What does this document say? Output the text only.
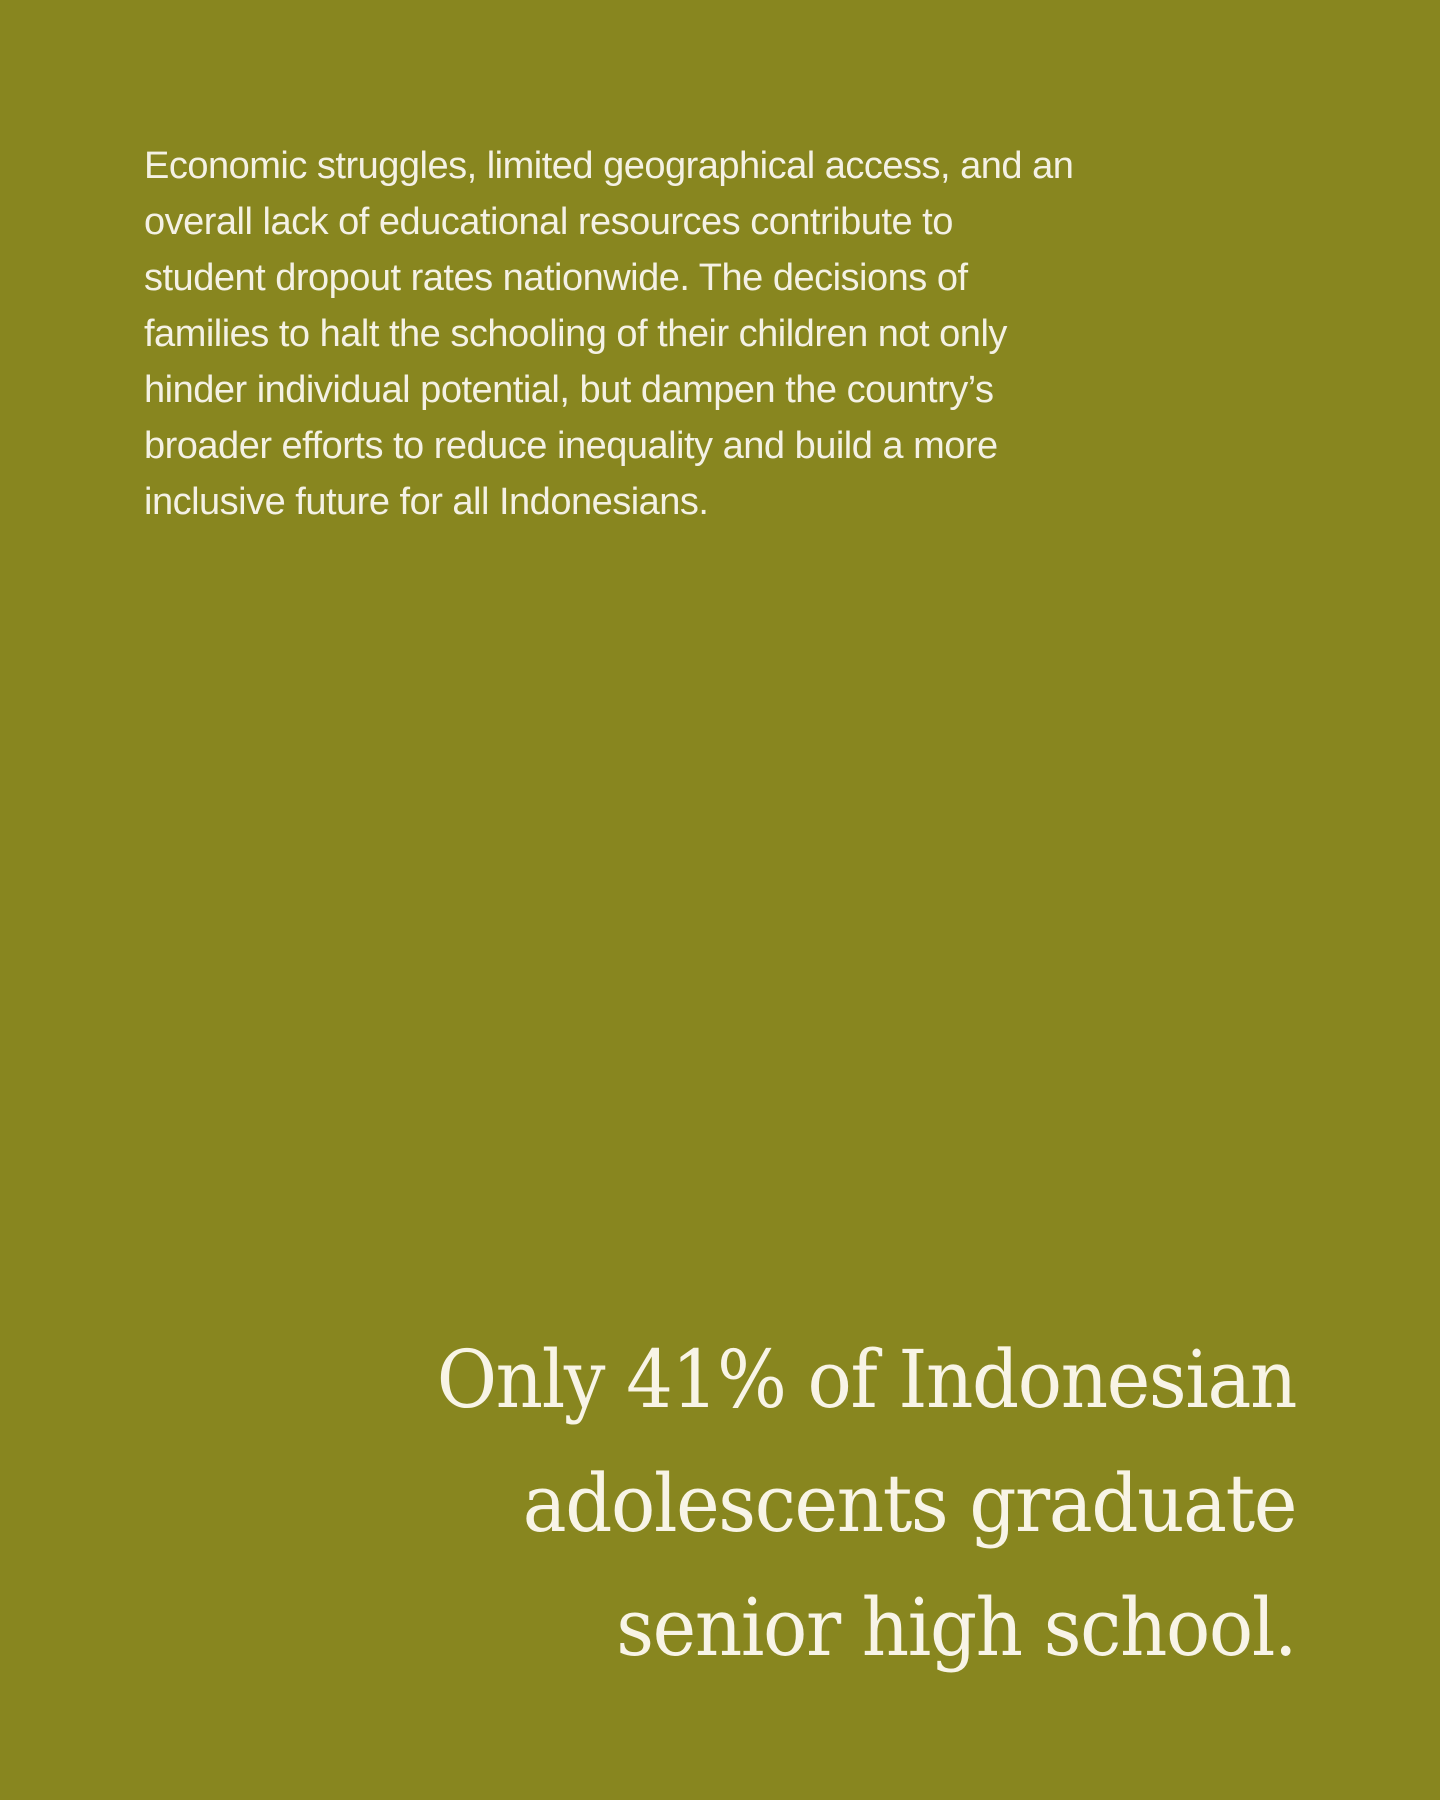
Economic struggles, limited geographical access, and an
overall lack of educational resources contribute to
student dropout rates nationwide. The decisions of
families to halt the schooling of their children not only
hinder individual potential, but dampen the country’s
broader efforts to reduce inequality and build a more
inclusive future for all Indonesians.

Only 41% of Indonesian
adolescents graduate
senior high school.
